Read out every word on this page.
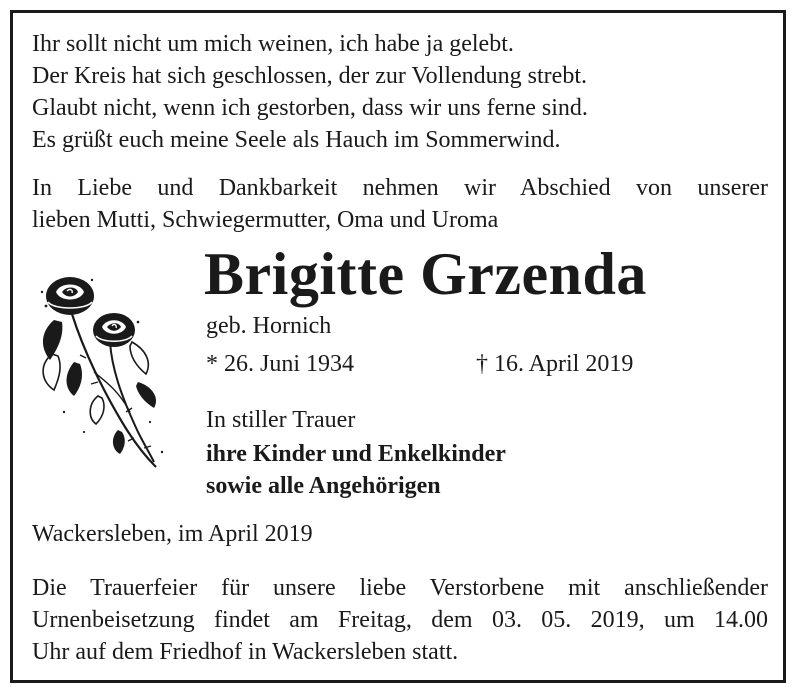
Ihr sollt nicht um mich weinen, ich habe ja gelebt.
Der Kreis hat sich geschlossen, der zur Vollendung strebt.
Glaubt nicht, wenn ich gestorben, dass wir uns ferne sind.
Es grüßt euch meine Seele als Hauch im Sommerwind.
In Liebe und Dankbarkeit nehmen wir Abschied von unserer
lieben Mutti, Schwiegermutter, Oma und Uroma
Brigitte Grzenda
geb. Hornich
* 26. Juni 1934	† 16. April 2019
In stiller Trauer
ihre Kinder und Enkelkinder
sowie alle Angehörigen
Wackersleben, im April 2019
Die Trauerfeier für unsere liebe Verstorbene mit anschließender
Urnenbeisetzung findet am Freitag, dem 03. 05. 2019, um 14.00
Uhr auf dem Friedhof in Wackersleben statt.
